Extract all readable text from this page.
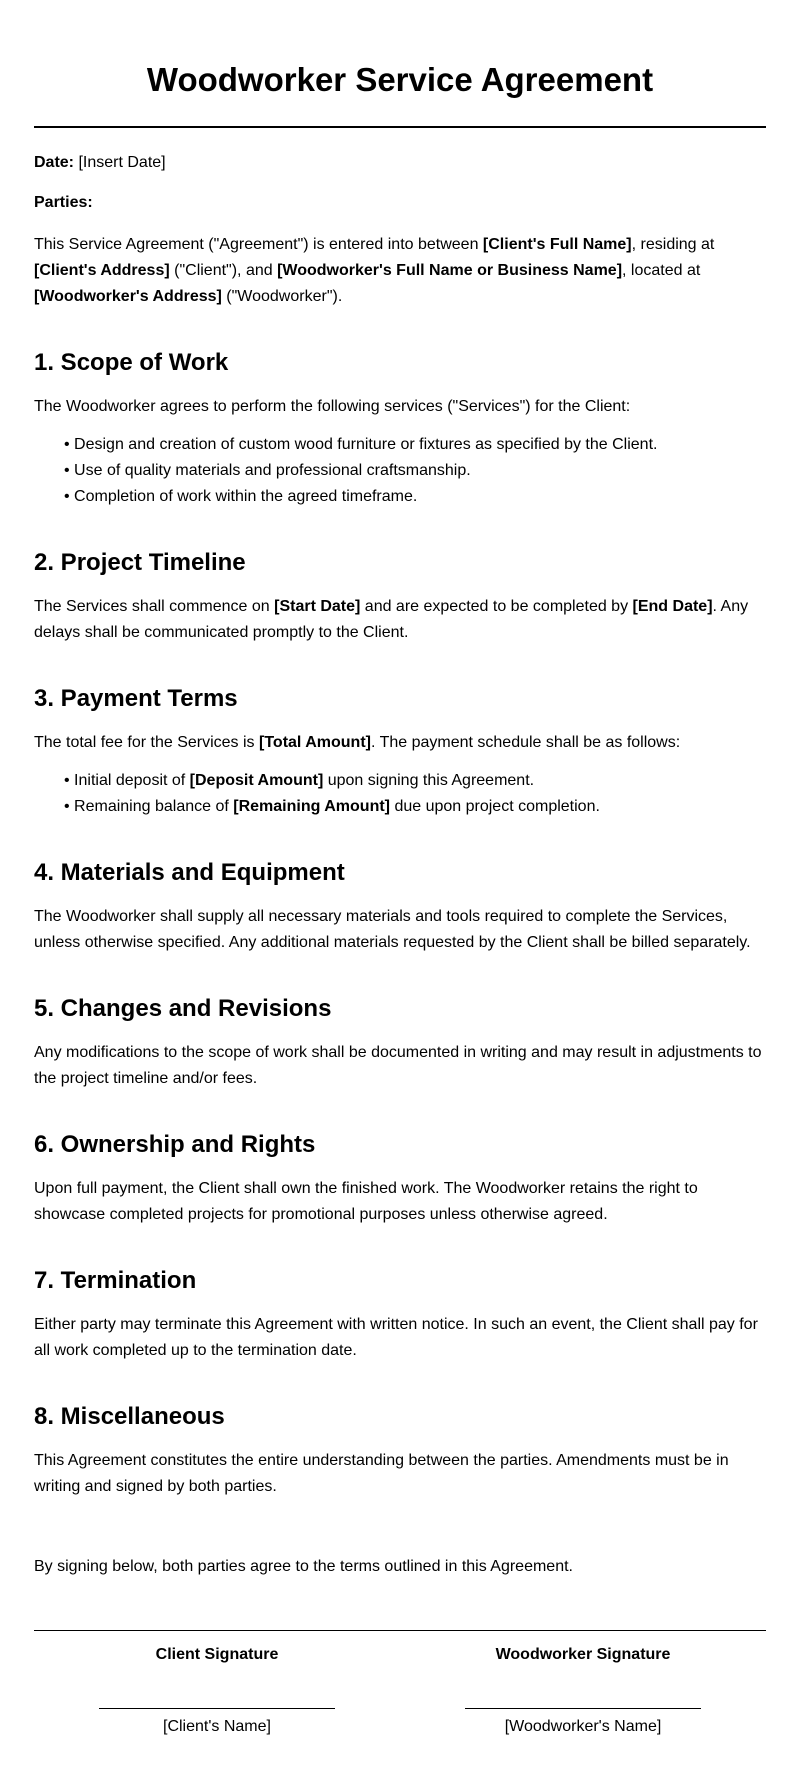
Woodworker Service Agreement

Date: [Insert Date]

Parties:

This Service Agreement ("Agreement") is entered into between [Client's Full Name], residing at
[Client's Address] ("Client"), and [Woodworker's Full Name or Business Name], located at
[Woodworker's Address] ("Woodworker").

1. Scope of Work

The Woodworker agrees to perform the following services ("Services") for the Client:

• Design and creation of custom wood furniture or fixtures as specified by the Client.
• Use of quality materials and professional craftsmanship.
• Completion of work within the agreed timeframe.
2. Project Timeline

The Services shall commence on [Start Date] and are expected to be completed by [End Date]. Any delays shall be communicated promptly to the Client.

3. Payment Terms

The total fee for the Services is [Total Amount]. The payment schedule shall be as follows:

• Initial deposit of [Deposit Amount] upon signing this Agreement.
• Remaining balance of [Remaining Amount] due upon project completion.
4. Materials and Equipment

The Woodworker shall supply all necessary materials and tools required to complete the Services, unless otherwise specified. Any additional materials requested by the Client shall be billed separately.

5. Changes and Revisions

Any modifications to the scope of work shall be documented in writing and may result in adjustments to the project timeline and/or fees.

6. Ownership and Rights

Upon full payment, the Client shall own the finished work. The Woodworker retains the right to showcase completed projects for promotional purposes unless otherwise agreed.

7. Termination

Either party may terminate this Agreement with written notice. In such an event, the Client shall pay for all work completed up to the termination date.

8. Miscellaneous

This Agreement constitutes the entire understanding between the parties. Amendments must be in writing and signed by both parties.

By signing below, both parties agree to the terms outlined in this Agreement.

Client Signature
[Client's Name]
Woodworker Signature
[Woodworker's Name]
